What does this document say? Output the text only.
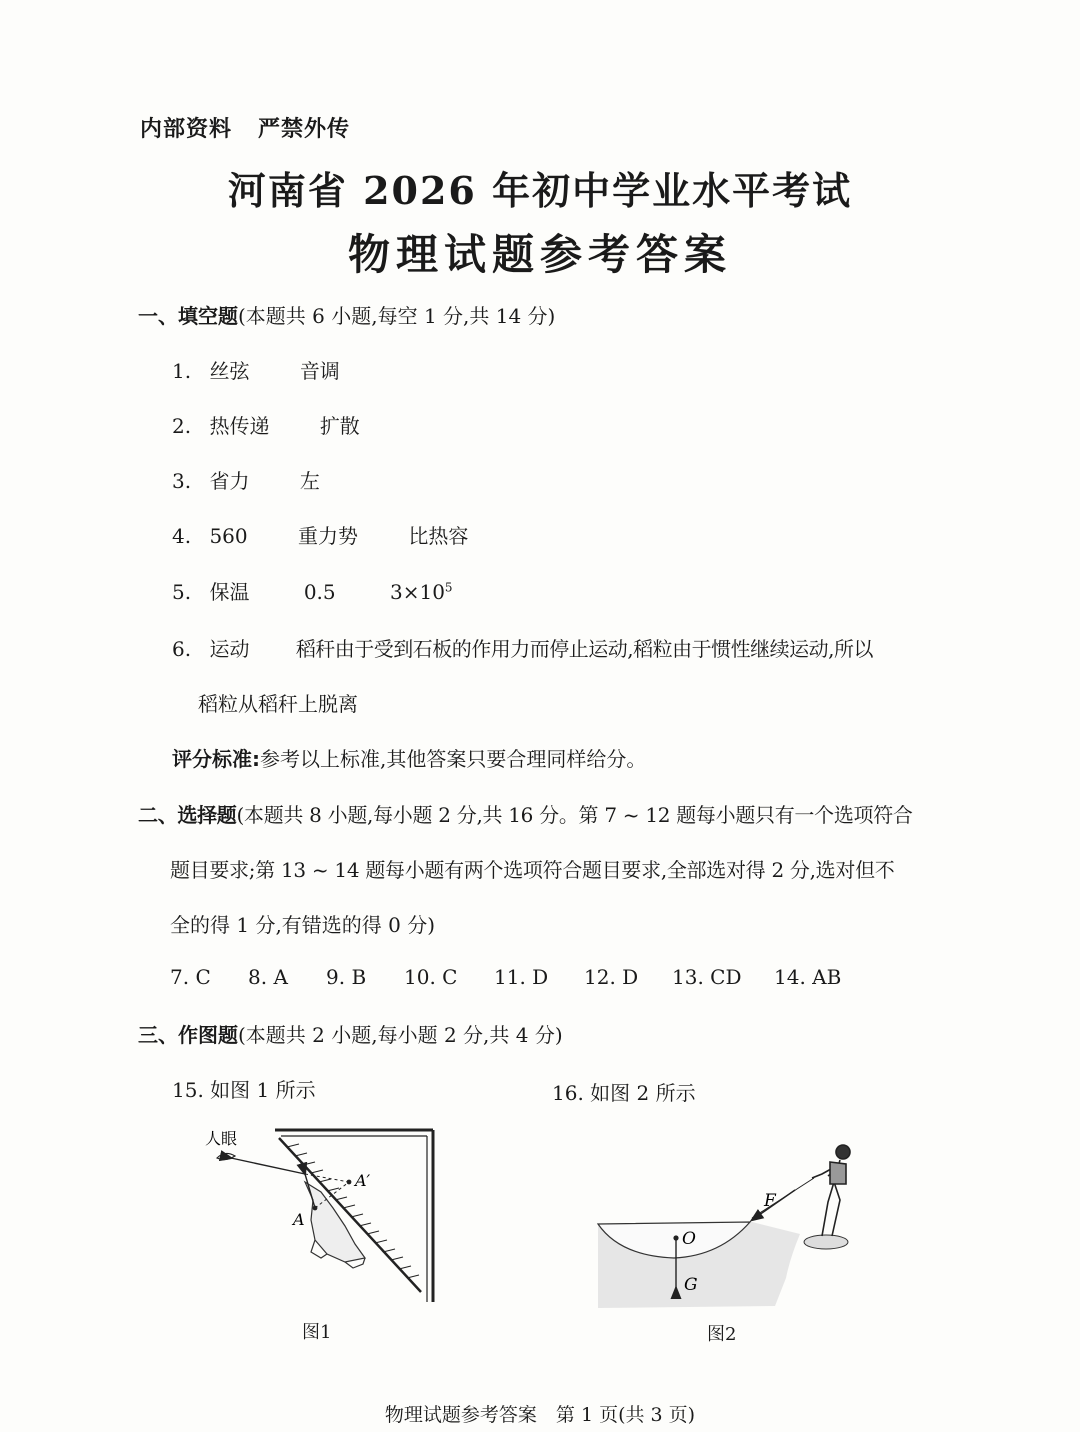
内部资料 严禁外传
河南省 2026 年初中学业水平考试
物理试题参考答案
一、填空题(本题共 6 小题,每空 1 分,共 14 分)
1. 丝弦	音调
2. 热传递	扩散
3. 省力	左
4. 560	重力势	比热容
5. 保温	0.5	$3\times 10^5$
6. 运动 稻秆由于受到石板的作用力而停止运动,稻粒由于惯性继续运动,所以
稻粒从稻秆上脱离
评分标准:参考以上标准,其他答案只要合理同样给分。
二、选择题(本题共 8 小题,每小题 2 分,共 16 分。第 7 ~ 12 题每小题只有一个选项符合
题目要求;第 13 ~ 14 题每小题有两个选项符合题目要求,全部选对得 2 分,选对但不
全的得 1 分,有错选的得 0 分)
7. C 8. A 9. B 10. C 11. D 12. D 13. CD 14. AB
三、作图题(本题共 2 小题,每小题 2 分,共 4 分)
15. 如图 1 所示	16. 如图 2 所示
人眼
A
A′
图1
F
O
G
图2
物理试题参考答案　第 1 页(共 3 页)
